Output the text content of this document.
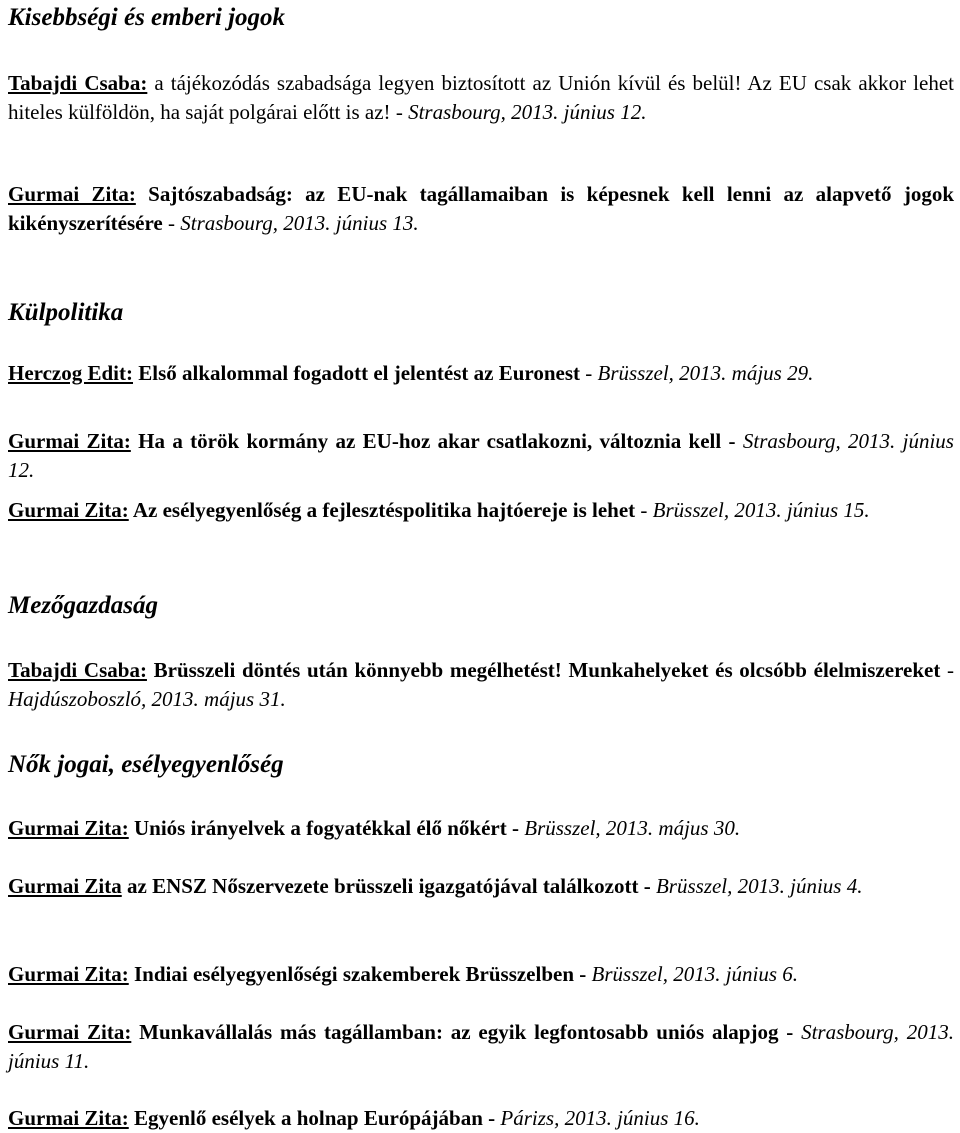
Kisebbségi és emberi jogok

Tabajdi Csaba: a tájékozódás szabadsága legyen biztosított az Unión kívül és belül! Az EU csak akkor lehet hiteles külföldön, ha saját polgárai előtt is az! - Strasbourg, 2013. június 12.

Gurmai Zita: Sajtószabadság: az EU-nak tagállamaiban is képesnek kell lenni az alapvető jogok kikényszerítésére - Strasbourg, 2013. június 13.

Külpolitika

Herczog Edit: Első alkalommal fogadott el jelentést az Euronest - Brüsszel, 2013. május 29.

Gurmai Zita: Ha a török kormány az EU-hoz akar csatlakozni, változnia kell - Strasbourg, 2013. június 12.

Gurmai Zita: Az esélyegyenlőség a fejlesztéspolitika hajtóereje is lehet - Brüsszel, 2013. június 15.

Mezőgazdaság

Tabajdi Csaba: Brüsszeli döntés után könnyebb megélhetést! Munkahelyeket és olcsóbb élelmiszereket - Hajdúszoboszló, 2013. május 31.

Nők jogai, esélyegyenlőség

Gurmai Zita: Uniós irányelvek a fogyatékkal élő nőkért - Brüsszel, 2013. május 30.

Gurmai Zita az ENSZ Nőszervezete brüsszeli igazgatójával találkozott - Brüsszel, 2013. június 4.

Gurmai Zita: Indiai esélyegyenlőségi szakemberek Brüsszelben - Brüsszel, 2013. június 6.

Gurmai Zita: Munkavállalás más tagállamban: az egyik legfontosabb uniós alapjog - Strasbourg, 2013. június 11.

Gurmai Zita: Egyenlő esélyek a holnap Európájában - Párizs, 2013. június 16.
